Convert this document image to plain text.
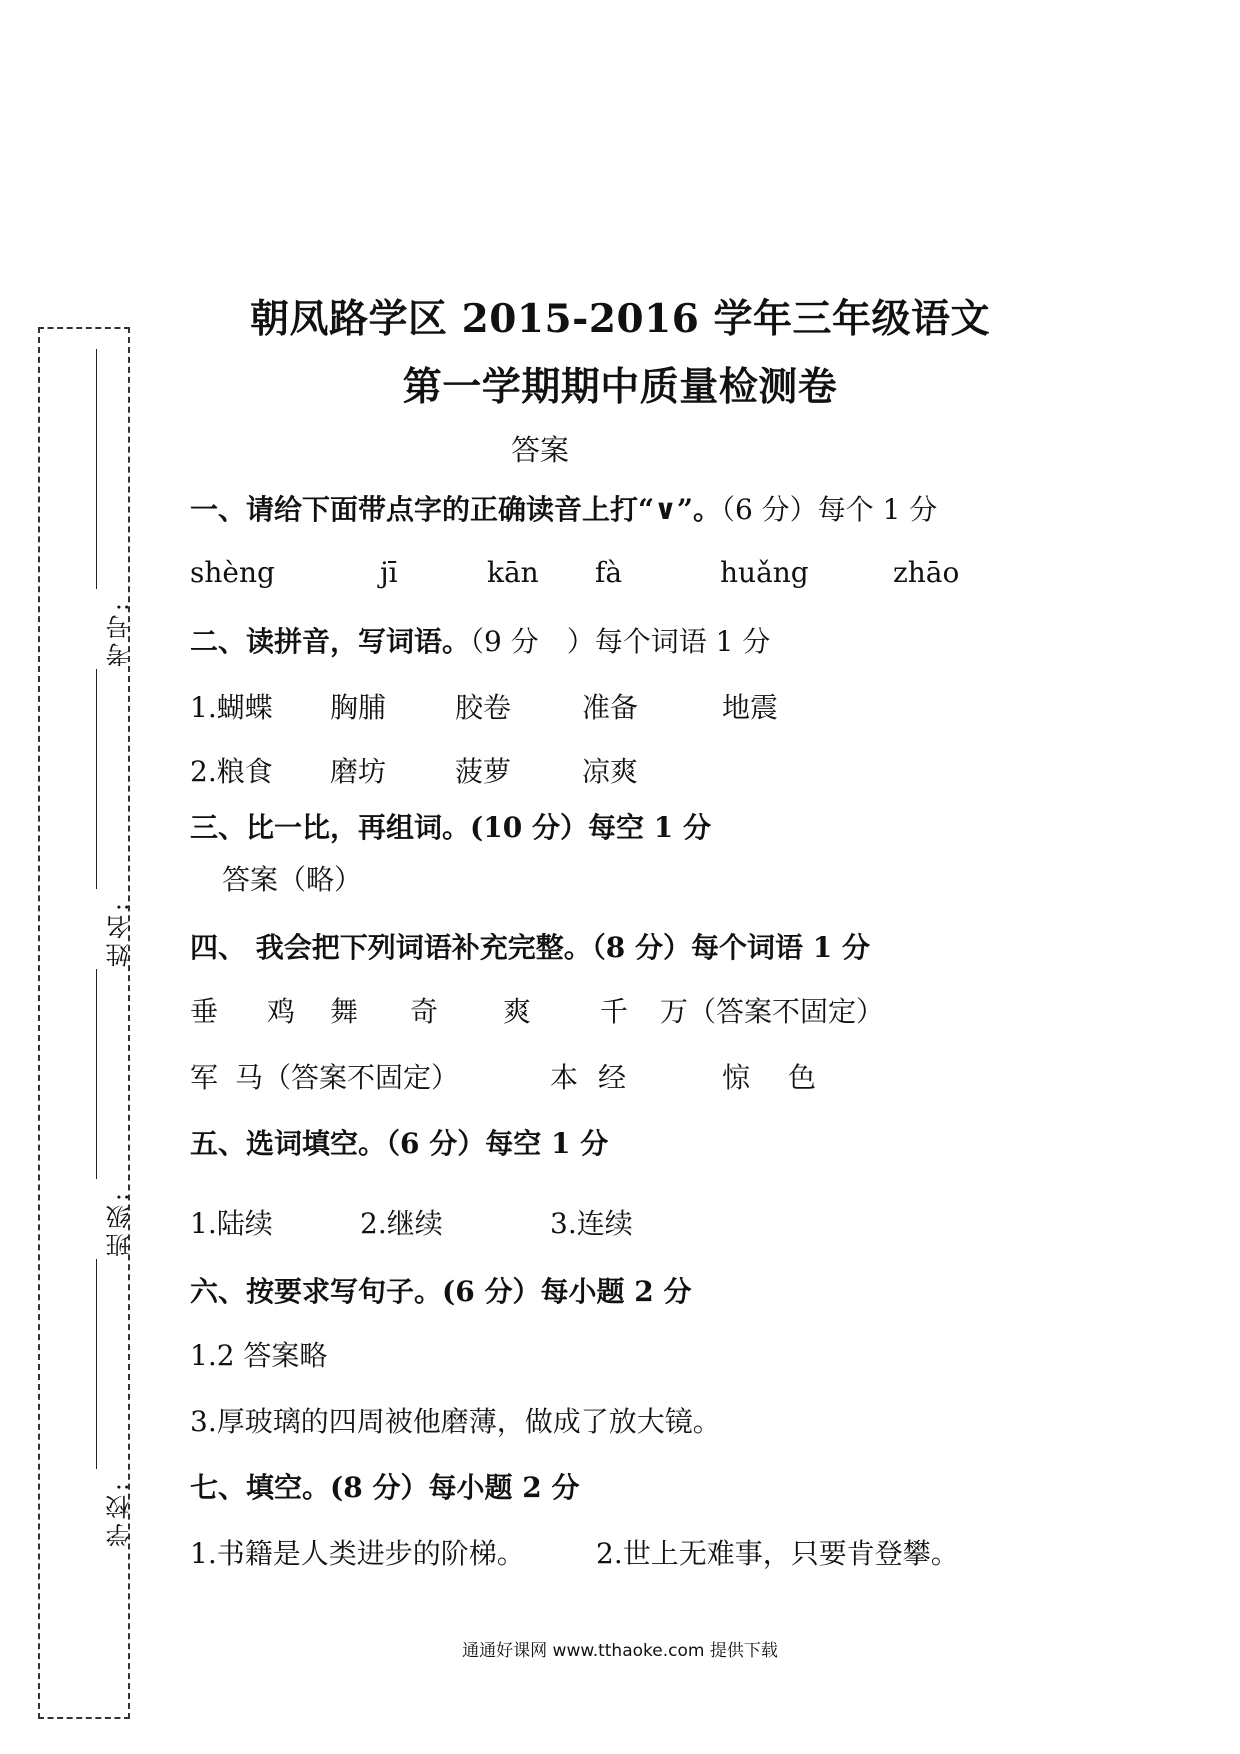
考号:
姓名:
班级:
学校:
朝凤路学区 2015-2016 学年三年级语文
第一学期期中质量检测卷
答案
一、请给下面带点字的正确读音上打“∨”。（6 分）每个 1 分
shèng	jī	kān fà	huǎng	zhāo
二、读拼音，写词语。（9 分　）每个词语 1 分
1.蝴蝶 胸脯 胶卷	准备	地震
2.粮食 磨坊 菠萝	凉爽
三、比一比，再组词。(10 分）每空 1 分
答案（略）
四、 我会把下列词语补充完整。（8 分）每个词语 1 分
垂 鸡 舞 奇 爽 千 万（答案不固定）
军 马（答案不固定）	本 经	惊 色
五、选词填空。（6 分）每空 1 分
1.陆续	2.继续	3.连续
六、按要求写句子。(6 分）每小题 2 分
1.2 答案略
3.厚玻璃的四周被他磨薄，做成了放大镜。
七、填空。(8 分）每小题 2 分
1.书籍是人类进步的阶梯。	2.世上无难事，只要肯登攀。
通通好课网 www.tthaoke.com 提供下载
